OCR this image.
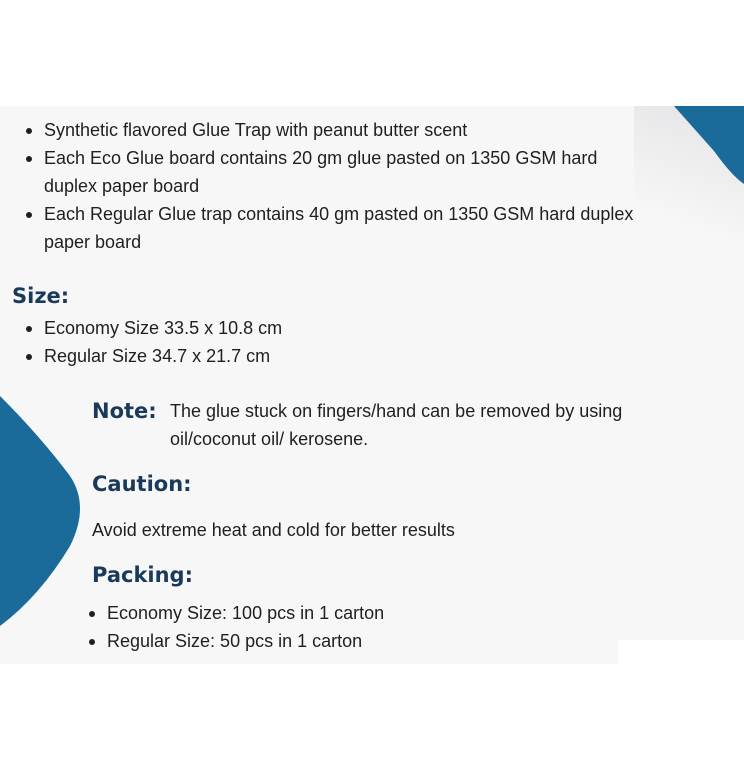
Synthetic flavored Glue Trap with peanut butter scent
Each Eco Glue board contains 20 gm glue pasted on 1350 GSM hard duplex paper board
Each Regular Glue trap contains 40 gm pasted on 1350 GSM hard duplex paper board
Size:
Economy Size 33.5 x 10.8 cm
Regular Size 34.7 x 21.7 cm
Note: The glue stuck on fingers/hand can be removed by using oil/coconut oil/ kerosene.
Caution:
Avoid extreme heat and cold for better results
Packing:
Economy Size: 100 pcs in 1 carton
Regular Size: 50 pcs in 1 carton
